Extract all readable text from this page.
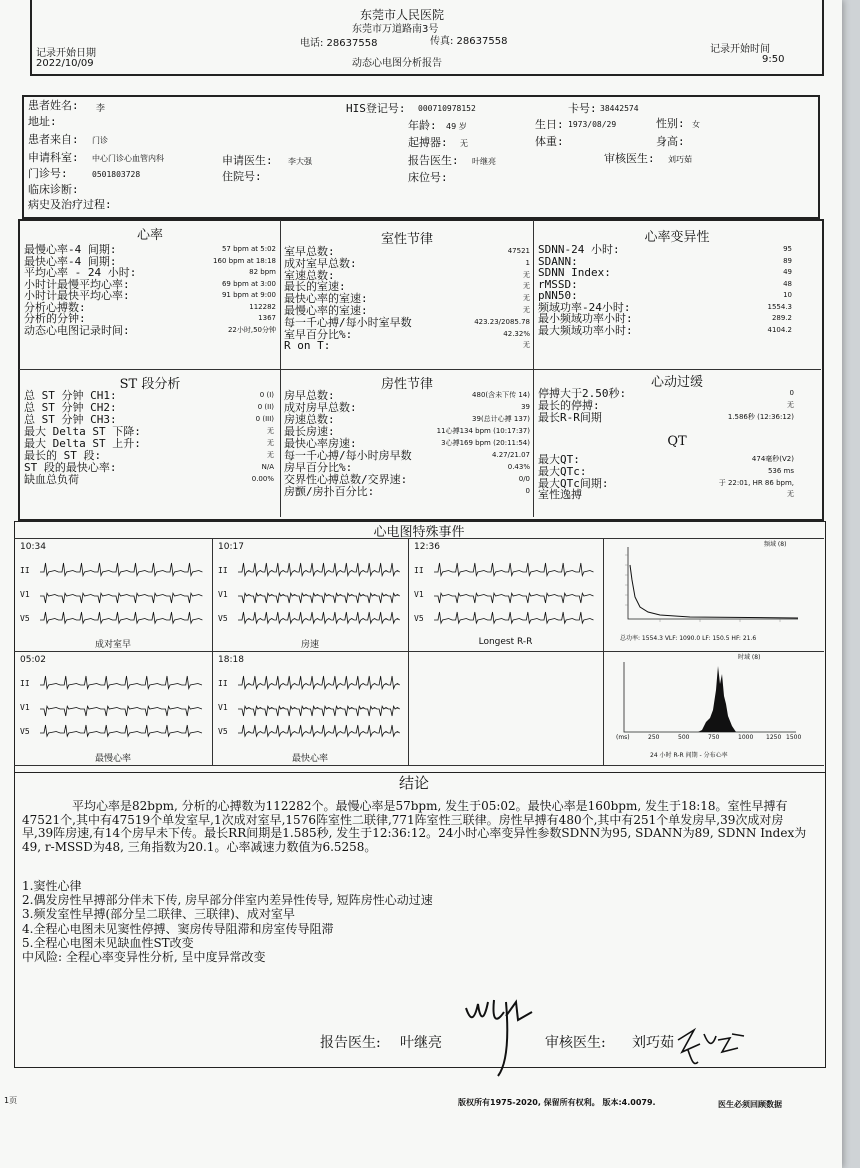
东莞市人民医院
东莞市万道路南3号
电话: 28637558	传真: 28637558
动态心电图分析报告
记录开始日期
2022/10/09
记录开始时间
9:50
患者姓名: 李	HIS登记号: 000710978152	卡号: 38442574
地址:	年龄: 49 岁	生日: 1973/08/29	性别: 女
患者来自: 门诊	起搏器: 无	体重:	身高:
申请科室: 中心门诊心血管内科	申请医生: 李大强	报告医生: 叶继亮	审核医生: 刘巧茹
门诊号:	0501803728	住院号:	床位号:
临床诊断:
病史及治疗过程:
心率
最慢心率-4 间期:	57 bpm at 5:02
最快心率-4 间期:	160 bpm at 18:18
平均心率 - 24 小时:	82 bpm
小时计最慢平均心率:	69 bpm at 3:00
小时计最快平均心率:	91 bpm at 9:00
分析心搏数:	112282
分析的分钟:	1367
动态心电图记录时间:	22小时,50分钟
室性节律
室早总数:	47521
成对室早总数:	1
室速总数:	无
最长的室速:	无
最快心率的室速:	无
最慢心率的室速:	无
每一千心搏/每小时室早数	423.23/2085.78
室早百分比%:	42.32%
R on T:	无
心率变异性
SDNN-24 小时:	95
SDANN:	89
SDNN Index:	49
rMSSD:	48
pNN50:	10
频域功率-24小时:	1554.3
最小频域功率小时:	289.2
最大频域功率小时:	4104.2
ST 段分析
总 ST 分钟 CH1:	0 (I)
总 ST 分钟 CH2:	0 (II)
总 ST 分钟 CH3:	0 (III)
最大 Delta ST 下降:	无
最大 Delta ST 上升:	无
最长的 ST 段:	无
ST 段的最快心率:	N/A
缺血总负荷	0.00%
房性节律
房早总数:	480(含未下传 14)
成对房早总数:	39
房速总数:	39(总计心搏 137)
最长房速:	11心搏134 bpm (10:17:37)
最快心率房速:	3心搏169 bpm (20:11:54)
每一千心搏/每小时房早数	4.27/21.07
房早百分比%:	0.43%
交界性心搏总数/交界速:	0/0
房颤/房扑百分比:	0
心动过缓
停搏大于2.50秒:	0
最长的停搏:	无
最长R-R间期	1.586秒 (12:36:12)
QT
最大QT:	474毫秒(V2)
最大QTc:	536 ms
最大QTc间期:	于 22:01, HR 86 bpm,
室性逸搏	无
心电图特殊事件
10:34
成对室早
II
V1
V5
10:17
房速
II
V1
V5
12:36
Longest R-R
II
V1
V5
05:02
最慢心率
II
V1
V5
18:18
最快心率
II
V1
V5
频域 (8)
总功率: 1554.3 VLF: 1090.0 LF: 150.5 HF: 21.6
时域 (8)
(ms)	250	500	750	1000 1250 1500
24 小时 R-R 间期 - 分布心率
结论
平均心率是82bpm, 分析的心搏数为112282个。最慢心率是57bpm, 发生于05:02。最快心率是160bpm, 发生于18:18。室性早搏有47521个,其中有47519个单发室早,1次成对室早,1576阵室性二联律,771阵室性三联律。房性早搏有480个,其中有251个单发房早,39次成对房早,39阵房速,有14个房早未下传。最长RR间期是1.585秒, 发生于12:36:12。24小时心率变异性参数SDNN为95, SDANN为89, SDNN Index为49, r-MSSD为48, 三角指数为20.1。心率减速力数值为6.5258。
1.窦性心律
2.偶发房性早搏部分伴未下传, 房早部分伴室内差异性传导, 短阵房性心动过速
3.频发室性早搏(部分呈二联律、三联律)、成对室早
4.全程心电图未见窦性停搏、窦房传导阻滞和房室传导阻滞
5.全程心电图未见缺血性ST改变
中风险: 全程心率变异性分析, 呈中度异常改变
报告医生: 叶继亮	审核医生: 刘巧茹
1页	版权所有1975-2020, 保留所有权利。 版本:4.0079.	医生必须回顾数据
